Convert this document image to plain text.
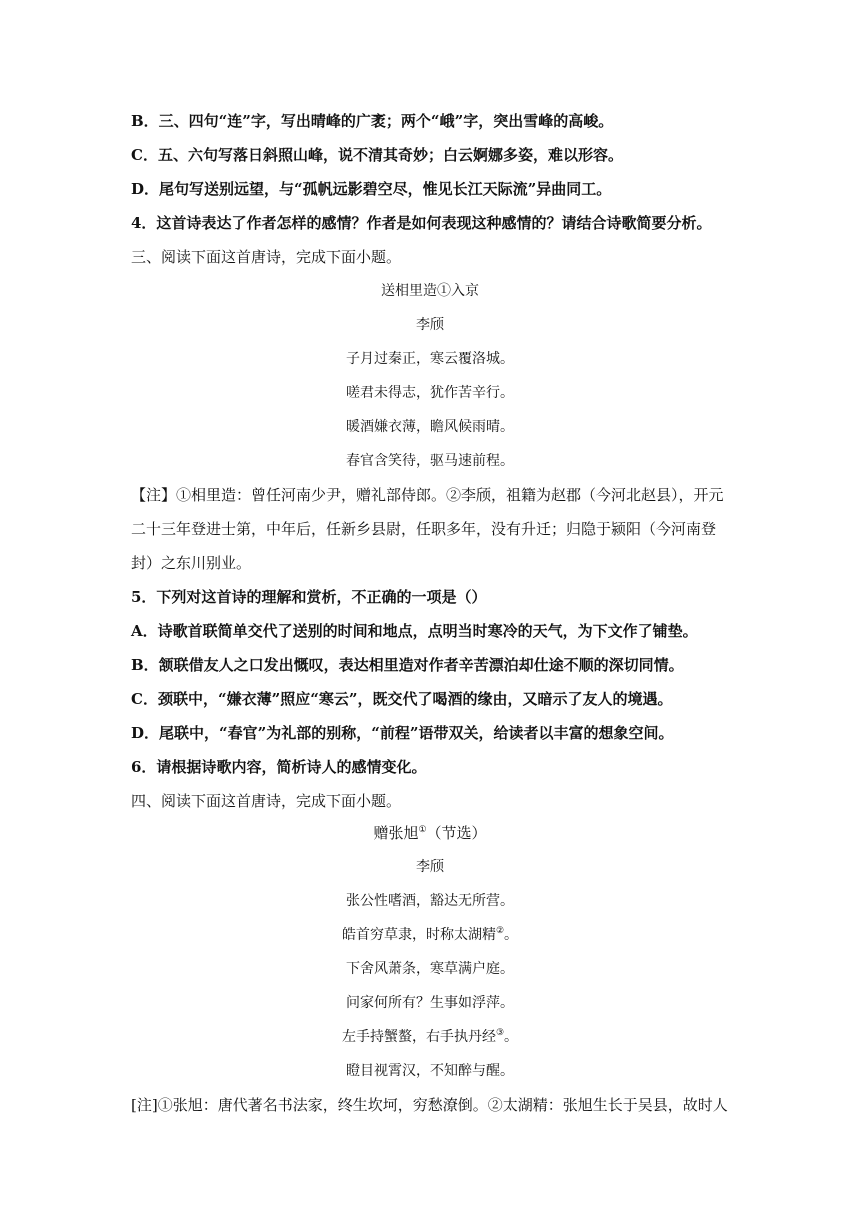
B．三、四句“连”字，写出晴峰的广袤；两个“峨”字，突出雪峰的高峻。
C．五、六句写落日斜照山峰，说不清其奇妙；白云婀娜多姿，难以形容。
D．尾句写送别远望，与“孤帆远影碧空尽，惟见长江天际流”异曲同工。
4．这首诗表达了作者怎样的感情？作者是如何表现这种感情的？请结合诗歌简要分析。
三、阅读下面这首唐诗，完成下面小题。
送相里造①入京
李颀
子月过秦正，寒云覆洛城。
嗟君未得志，犹作苦辛行。
暖酒嫌衣薄，瞻风候雨晴。
春官含笑待，驱马速前程。
【注】①相里造：曾任河南少尹，赠礼部侍郎。②李颀，祖籍为赵郡（今河北赵县），开元
二十三年登进士第，中年后，任新乡县尉，任职多年，没有升迁；归隐于颍阳（今河南登
封）之东川别业。
5．下列对这首诗的理解和赏析，不正确的一项是（）
A．诗歌首联简单交代了送别的时间和地点，点明当时寒冷的天气，为下文作了铺垫。
B．颔联借友人之口发出慨叹，表达相里造对作者辛苦漂泊却仕途不顺的深切同情。
C．颈联中，“嫌衣薄”照应“寒云”，既交代了喝酒的缘由，又暗示了友人的境遇。
D．尾联中，“春官”为礼部的别称，“前程”语带双关，给读者以丰富的想象空间。
6．请根据诗歌内容，简析诗人的感情变化。
四、阅读下面这首唐诗，完成下面小题。
赠张旭①（节选）
李颀
张公性嗜酒，豁达无所营。
皓首穷草隶，时称太湖精②。
下舍风萧条，寒草满户庭。
问家何所有？生事如浮萍。
左手持蟹螯，右手执丹经③。
瞪目视霄汉，不知醉与醒。
[注]①张旭：唐代著名书法家，终生坎坷，穷愁潦倒。②太湖精：张旭生长于吴县，故时人
